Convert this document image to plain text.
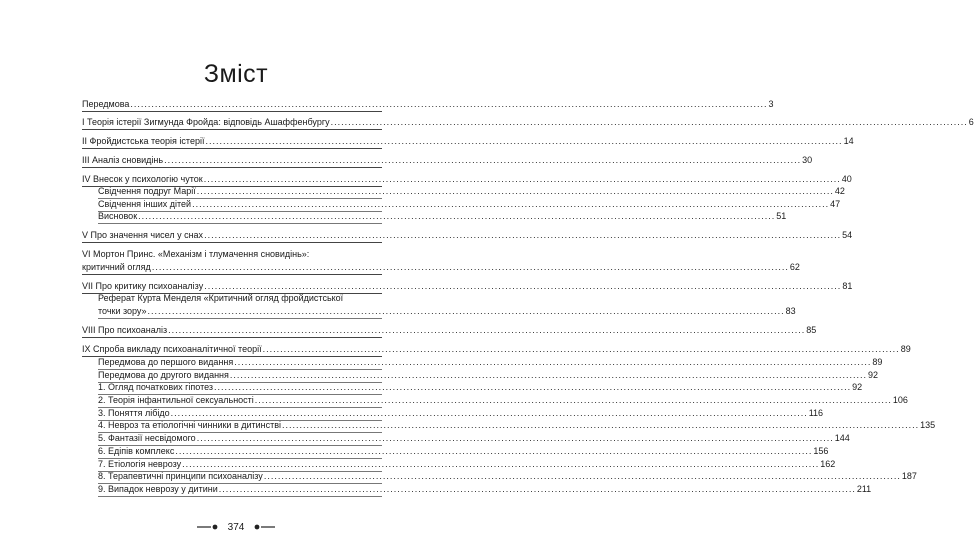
Зміст
374
Передмова .....	3
I Теорія істерії Зигмунда Фройда: відповідь Ашаффенбургу .....	6
II Фройдистська теорія істерії .....	14
III Аналіз сновидінь .....	30
IV Внесок у психологію чуток .....	40
Свідчення подруг Марії .....	42
Свідчення інших дітей .....	47
Висновок .....	51
V Про значення чисел у снах .....	54
VI Мортон Принс. «Механізм і тлумачення сновидінь»:
критичний огляд .....	62
VII Про критику психоаналізу .....	81
Реферат Курта Менделя «Критичний огляд фройдистської
точки зору» .....	83
VIII Про психоаналіз .....	85
IX Спроба викладу психоаналітичної теорії .....	89
Передмова до першого видання .....	89
Передмова до другого видання .....	92
1. Огляд початкових гіпотез .....	92
2. Теорія інфантильної сексуальності .....	106
3. Поняття лібідо .....	116
4. Невроз та етіологічні чинники в дитинстві .....	135
5. Фантазії несвідомого .....	144
6. Едіпів комплекс .....	156
7. Етіологія неврозу .....	162
8. Терапевтичні принципи психоаналізу .....	187
9. Випадок неврозу у дитини .....	211
